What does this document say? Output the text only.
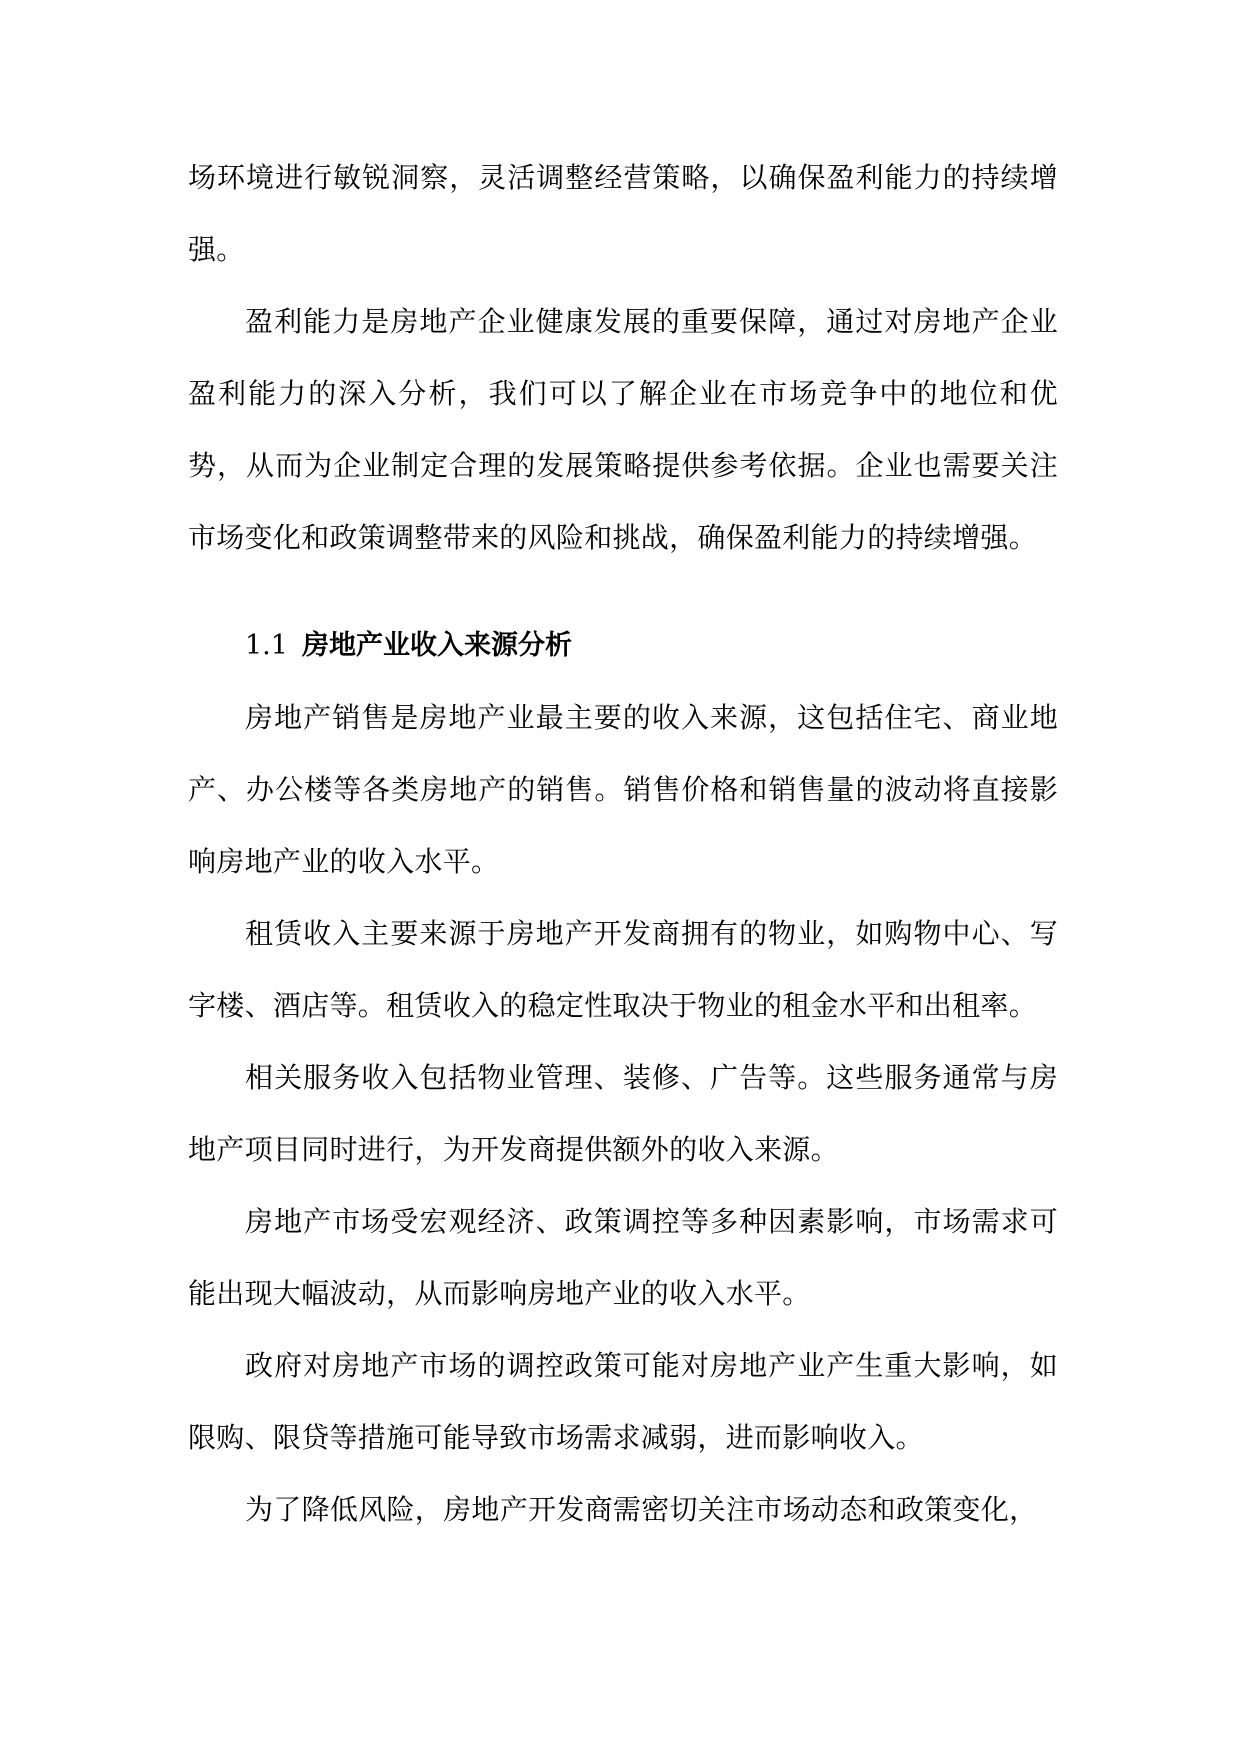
场环境进行敏锐洞察，灵活调整经营策略，以确保盈利能力的持续增强。

盈利能力是房地产企业健康发展的重要保障，通过对房地产企业盈利能力的深入分析，我们可以了解企业在市场竞争中的地位和优势，从而为企业制定合理的发展策略提供参考依据。企业也需要关注市场变化和政策调整带来的风险和挑战，确保盈利能力的持续增强。

1.1 房地产业收入来源分析

房地产销售是房地产业最主要的收入来源，这包括住宅、商业地产、办公楼等各类房地产的销售。销售价格和销售量的波动将直接影响房地产业的收入水平。

租赁收入主要来源于房地产开发商拥有的物业，如购物中心、写字楼、酒店等。租赁收入的稳定性取决于物业的租金水平和出租率。

相关服务收入包括物业管理、装修、广告等。这些服务通常与房地产项目同时进行，为开发商提供额外的收入来源。

房地产市场受宏观经济、政策调控等多种因素影响，市场需求可能出现大幅波动，从而影响房地产业的收入水平。

政府对房地产市场的调控政策可能对房地产业产生重大影响，如限购、限贷等措施可能导致市场需求减弱，进而影响收入。

为了降低风险，房地产开发商需密切关注市场动态和政策变化，
